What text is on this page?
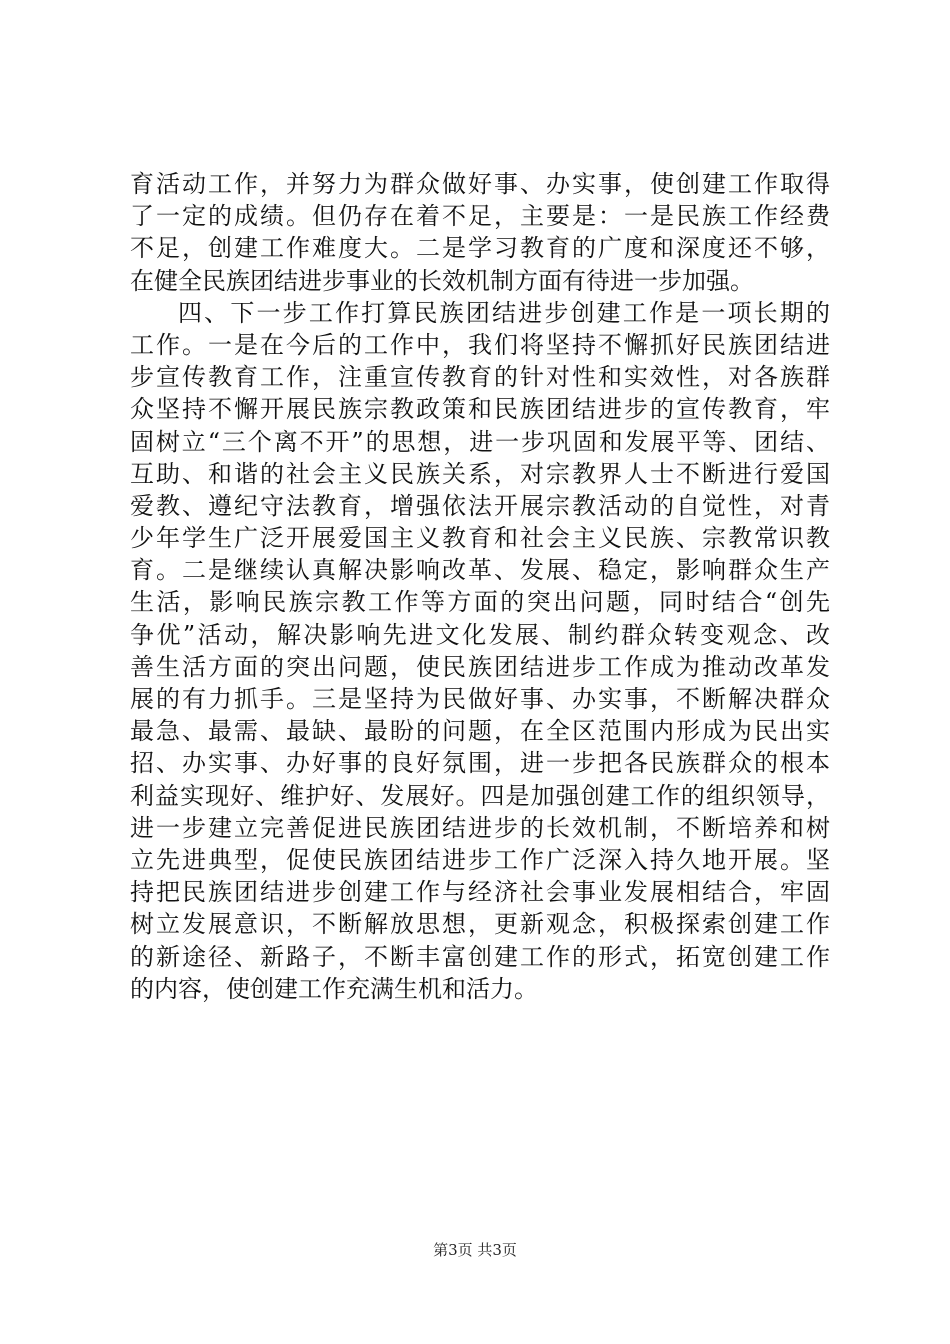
育活动工作，并努力为群众做好事、办实事，使创建工作取得
了一定的成绩。但仍存在着不足，主要是：一是民族工作经费
不足，创建工作难度大。二是学习教育的广度和深度还不够，
在健全民族团结进步事业的长效机制方面有待进一步加强。
四、下一步工作打算民族团结进步创建工作是一项长期的
工作。一是在今后的工作中，我们将坚持不懈抓好民族团结进
步宣传教育工作，注重宣传教育的针对性和实效性，对各族群
众坚持不懈开展民族宗教政策和民族团结进步的宣传教育，牢
固树立“三个离不开”的思想，进一步巩固和发展平等、团结、
互助、和谐的社会主义民族关系，对宗教界人士不断进行爱国
爱教、遵纪守法教育，增强依法开展宗教活动的自觉性，对青
少年学生广泛开展爱国主义教育和社会主义民族、宗教常识教
育。二是继续认真解决影响改革、发展、稳定，影响群众生产
生活，影响民族宗教工作等方面的突出问题，同时结合“创先
争优”活动，解决影响先进文化发展、制约群众转变观念、改
善生活方面的突出问题，使民族团结进步工作成为推动改革发
展的有力抓手。三是坚持为民做好事、办实事，不断解决群众
最急、最需、最缺、最盼的问题，在全区范围内形成为民出实
招、办实事、办好事的良好氛围，进一步把各民族群众的根本
利益实现好、维护好、发展好。四是加强创建工作的组织领导，
进一步建立完善促进民族团结进步的长效机制，不断培养和树
立先进典型，促使民族团结进步工作广泛深入持久地开展。坚
持把民族团结进步创建工作与经济社会事业发展相结合，牢固
树立发展意识，不断解放思想，更新观念，积极探索创建工作
的新途径、新路子，不断丰富创建工作的形式，拓宽创建工作
的内容，使创建工作充满生机和活力。
第3页 共3页
